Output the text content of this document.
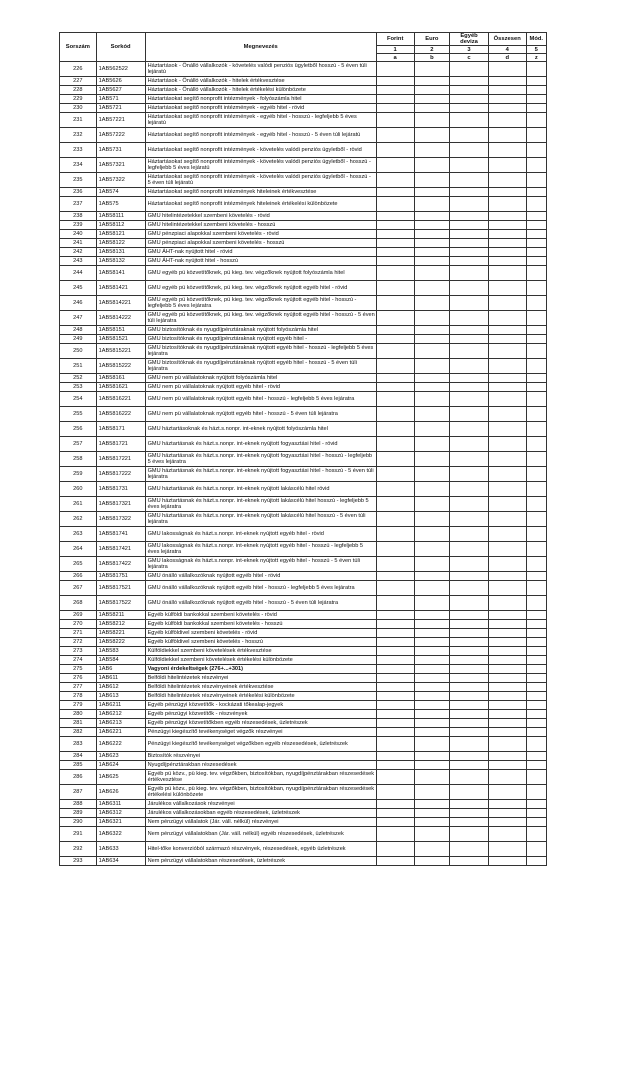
Sorszám	Sorkód	Megnevezés	Forint	Euro	Egyéb deviza	Összesen	Mód.
			1	2	3	4	5
			a	b	c	d	z
226	1AB562522	Háztartások - Önálló vállalkozók - követelés valódi penziós ügyletből hosszú - 5 éven túli lejáratú					
227	1AB5626	Háztartások - Önálló vállalkozók - hitelek értékvesztése					
228	1AB5627	Háztartások - Önálló vállalkozók - hitelek értékelési különbözete					
229	1AB571	Háztartásokat segítő nonprofit intézmények - folyószámla hitel					
230	1AB5721	Háztartásokat segítő nonprofit intézmények - egyéb hitel - rövid					
231	1AB57221	Háztartásokat segítő nonprofit intézmények - egyéb hitel - hosszú - legfeljebb 5 éves lejáratú					
232	1AB57222	Háztartásokat segítő nonprofit intézmények - egyéb hitel - hosszú - 5 éven túli lejáratú					
233	1AB5731	Háztartásokat segítő nonprofit intézmények - követelés valódi penziós ügyletből - rövid					
234	1AB57321	Háztartásokat segítő nonprofit intézmények - követelés valódi penziós ügyletből - hosszú - legfeljebb 5 éves lejáratú					
235	1AB57322	Háztartásokat segítő nonprofit intézmények - követelés valódi penziós ügyletből - hosszú - 5 éven túli lejáratú					
236	1AB574	Háztartásokat segítő nonprofit intézmények hiteleinek értékvesztése					
237	1AB575	Háztartásokat segítő nonprofit intézmények hiteleinek értékelési különbözete					
238	1AB58111	GMU hitelintézetekkel szembeni követelés - rövid					
239	1AB58112	GMU hitelintézetekkel szembeni követelés - hosszú					
240	1AB58121	GMU pénzpiaci alapokkal szembeni követelés - rövid					
241	1AB58122	GMU pénzpiaci alapokkal szembeni követelés - hosszú					
242	1AB58131	GMU ÁHT-nak nyújtott hitel - rövid					
243	1AB58132	GMU ÁHT-nak nyújtott hitel - hosszú					
244	1AB58141	GMU egyéb pü közvetítőknek, pü kieg. tev. végzőknek nyújtott folyószámla hitel					
245	1AB581421	GMU egyéb pü közvetítőknek, pü kieg. tev. végzőknek nyújtott egyéb hitel - rövid					
246	1AB5814221	GMU egyéb pü közvetítőknek, pü kieg. tev. végzőknek nyújtott egyéb hitel - hosszú - legfeljebb 5 éves lejáratra					
247	1AB5814222	GMU egyéb pü közvetítőknek, pü kieg. tev. végzőknek nyújtott egyéb hitel - hosszú - 5 éven túli lejáratra					
248	1AB58151	GMU biztosítóknak és nyugdíjpénztáraknak nyújtott folyószámla hitel					
249	1AB581521	GMU biztosítóknak és nyugdíjpénztáraknak nyújtott egyéb hitel -					
250	1AB5815221	GMU biztosítóknak és nyugdíjpénztáraknak nyújtott egyéb hitel - hosszú - legfeljebb 5 éves lejáratra					
251	1AB5815222	GMU biztosítóknak és nyugdíjpénztáraknak nyújtott egyéb hitel - hosszú - 5 éven túli lejáratra					
252	1AB58161	GMU nem pü vállalatoknak nyújtott folyószámla hitel					
253	1AB581621	GMU nem pü vállalatoknak nyújtott egyéb hitel - rövid					
254	1AB5816221	GMU nem pü vállalatoknak nyújtott egyéb hitel - hosszú - legfeljebb 5 éves lejáratra					
255	1AB5816222	GMU nem pü vállalatoknak nyújtott egyéb hitel - hosszú - 5 éven túli lejáratra					
256	1AB58171	GMU háztartásoknak és házt.s.nonpr. int-eknek nyújtott folyószámla hitel					
257	1AB581721	GMU háztartásnak és házt.s.nonpr. int-eknek nyújtott fogyasztási hitel - rövid					
258	1AB5817221	GMU háztartásnak és házt.s.nonpr. int-eknek nyújtott fogyasztási hitel - hosszú - legfeljebb 5 éves lejáratra					
259	1AB5817222	GMU háztartásnak és házt.s.nonpr. int-eknek nyújtott fogyasztási hitel - hosszú - 5 éven túli lejáratra					
260	1AB581731	GMU háztartásnak és házt.s.nonpr. int-eknek nyújtott lakáscélú hitel rövid					
261	1AB5817321	GMU háztartásnak és házt.s.nonpr. int-eknek nyújtott lakáscélú hitel hosszú - legfeljebb 5 éves lejáratra					
262	1AB5817322	GMU háztartásnak és házt.s.nonpr. int-eknek nyújtott lakáscélú hitel hosszú - 5 éven túli lejáratra					
263	1AB581741	GMU lakosságnak és házt.s.nonpr. int-eknek nyújtott egyéb hitel - rövid					
264	1AB5817421	GMU lakosságnak és házt.s.nonpr. int-eknek nyújtott egyéb hitel - hosszú - legfeljebb 5 éves lejáratra					
265	1AB5817422	GMU lakosságnak és házt.s.nonpr. int-eknek nyújtott egyéb hitel - hosszú - 5 éven túli lejáratra					
266	1AB581751	GMU önálló vállalkozóknak nyújtott egyéb hitel - rövid					
267	1AB5817521	GMU önálló vállalkozóknak nyújtott egyéb hitel - hosszú - legfeljebb 5 éves lejáratra					
268	1AB5817522	GMU önálló vállalkozóknak nyújtott egyéb hitel - hosszú - 5 éven túli lejáratra					
269	1AB58211	Egyéb külföldi bankokkal szembeni követelés - rövid					
270	1AB58212	Egyéb külföldi bankokkal szembeni követelés - hosszú					
271	1AB58221	Egyéb külföldivel szembeni követelés - rövid					
272	1AB58222	Egyéb külföldivel szembeni követelés - hosszú					
273	1AB583	Külföldiekkel szembeni követelések értékvesztése					
274	1AB584	Külföldiekkel szembeni követelések értékelési különbözete					
275	1AB6	Vagyoni érdekeltségek (276+...+301)					
276	1AB611	Belföldi hitelintézetek részvényei					
277	1AB612	Belföldi hitelintézetek részvényeinek értékvesztése					
278	1AB613	Belföldi hitelintézetek részvényeinek értékelési különbözete					
279	1AB6211	Egyéb pénzügyi közvetítők - kockázati tőkealap-jegyek					
280	1AB6212	Egyéb pénzügyi közvetítők - részvények					
281	1AB6213	Egyéb pénzügyi közvetítőkben egyéb részesedések, üzletrészek					
282	1AB6221	Pénzügyi kiegészítő tevékenységet végzők részvényei					
283	1AB6222	Pénzügyi kiegészítő tevékenységet végzőkben egyéb részesedések, üzletrészek					
284	1AB623	Biztosítók részvényei					
285	1AB624	Nyugdíjpénztárakban részesedések					
286	1AB625	Egyéb pü közv., pü kieg. tev. végzőkben, biztosítókban, nyugdíjpénztárakban részesedések értékvesztése					
287	1AB626	Egyéb pü közv., pü kieg. tev. végzőkben, biztosítókban, nyugdíjpénztárakban részesedések értékelési különbözete					
288	1AB6311	Járulékos vállalkozások részvényei					
289	1AB6312	Járulékos vállalkozásokban egyéb részesedések, üzletrészek					
290	1AB6321	Nem pénzügyi vállalatok (Jár. váll. nélkül) részvényei					
291	1AB6322	Nem pénzügyi vállalatokban (Jár. váll. nélkül) egyéb részesedések, üzletrészek					
292	1AB633	Hitel-tőke konverzióból származó részvények, részesedések, egyéb üzletrészek					
293	1AB634	Nem pénzügyi vállalatokban részesedések, üzletrészek					
